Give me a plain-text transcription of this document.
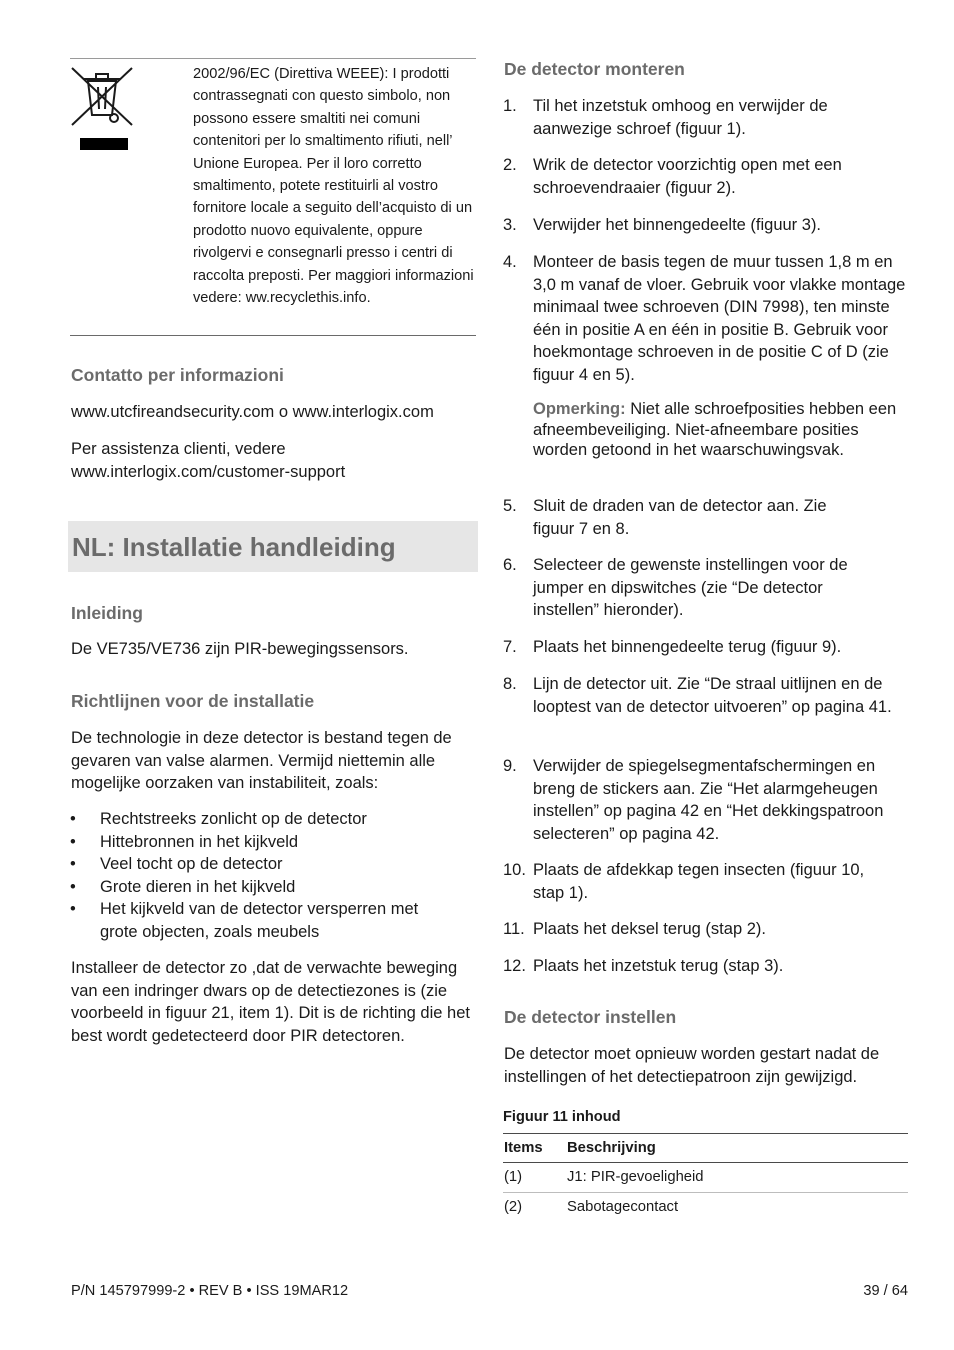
2002/96/EC (Direttiva WEEE): I prodotti contrassegnati con questo simbolo, non possono essere smaltiti nei comuni contenitori per lo smaltimento rifiuti, nell’ Unione Europea. Per il loro corretto smaltimento, potete restituirli al vostro fornitore locale a seguito dell’acquisto di un prodotto nuovo equivalente, oppure rivolgervi e consegnarli presso i centri di raccolta preposti. Per maggiori informazioni vedere: ww.recyclethis.info.
Contatto per informazioni
www.utcfireandsecurity.com o www.interlogix.com
Per assistenza clienti, vedere www.interlogix.com/customer-support
NL: Installatie handleiding
Inleiding
De VE735/VE736 zijn PIR-bewegingssensors.
Richtlijnen voor de installatie
De technologie in deze detector is bestand tegen de gevaren van valse alarmen. Vermijd niettemin alle mogelijke oorzaken van instabiliteit, zoals:
• Rechtstreeks zonlicht op de detector
• Hittebronnen in het kijkveld
• Veel tocht op de detector
• Grote dieren in het kijkveld
• Het kijkveld van de detector versperren met grote objecten, zoals meubels
Installeer de detector zo ,dat de verwachte beweging van een indringer dwars op de detectiezones is (zie voorbeeld in figuur 21, item 1). Dit is de richting die het best wordt gedetecteerd door PIR detectoren.
De detector monteren
1. Til het inzetstuk omhoog en verwijder de aanwezige schroef (figuur 1).
2. Wrik de detector voorzichtig open met een schroevendraaier (figuur 2).
3. Verwijder het binnengedeelte (figuur 3).
4. Monteer de basis tegen de muur tussen 1,8 m en 3,0 m vanaf de vloer. Gebruik voor vlakke montage minimaal twee schroeven (DIN 7998), ten minste één in positie A en één in positie B. Gebruik voor hoekmontage schroeven in de positie C of D (zie figuur 4 en 5).
Opmerking: Niet alle schroefposities hebben een afneembeveiliging. Niet-afneembare posities worden getoond in het waarschuwingsvak.
5. Sluit de draden van de detector aan. Zie figuur 7 en 8.
6. Selecteer de gewenste instellingen voor de jumper en dipswitches (zie “De detector instellen” hieronder).
7. Plaats het binnengedeelte terug (figuur 9).
8. Lijn de detector uit. Zie “De straal uitlijnen en de looptest van de detector uitvoeren” op pagina 41.
9. Verwijder de spiegelsegmentafschermingen en breng de stickers aan. Zie “Het alarmgeheugen instellen” op pagina 42 en “Het dekkingspatroon selecteren” op pagina 42.
10. Plaats de afdekkap tegen insecten (figuur 10, stap 1).
11. Plaats het deksel terug (stap 2).
12. Plaats het inzetstuk terug (stap 3).
De detector instellen
De detector moet opnieuw worden gestart nadat de instellingen of het detectiepatroon zijn gewijzigd.
Figuur 11 inhoud
Items Beschrijving
(1)	J1: PIR-gevoeligheid
(2)	Sabotagecontact
P/N 145797999-2 • REV B • ISS 19MAR12	39 / 64
